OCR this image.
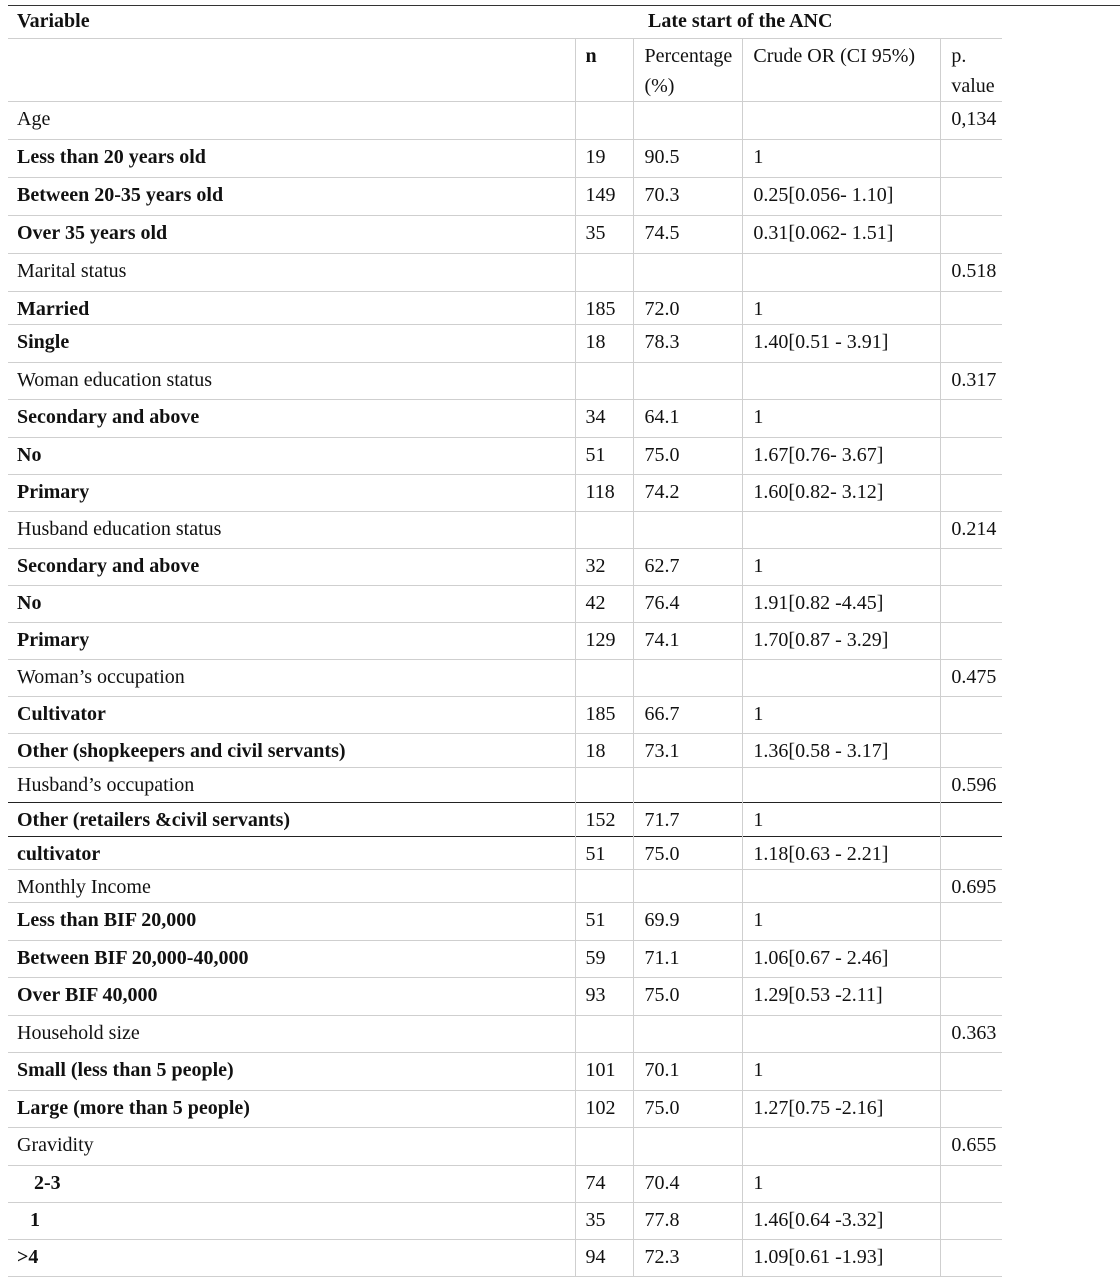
Variable	Late start of the ANC
	n	Percentage (%)	Crude OR (CI 95%)	p. value
Age				0,134
Less than 20 years old	19	90.5	1	
Between 20-35 years old	149	70.3	0.25[0.056- 1.10]	
Over 35 years old	35	74.5	0.31[0.062- 1.51]	
Marital status				0.518
Married	185	72.0	1	
Single	18	78.3	1.40[0.51 - 3.91]	
Woman education status				0.317
Secondary and above	34	64.1	1	
No	51	75.0	1.67[0.76- 3.67]	
Primary	118	74.2	1.60[0.82- 3.12]	
Husband education status				0.214
Secondary and above	32	62.7	1	
No	42	76.4	1.91[0.82 -4.45]	
Primary	129	74.1	1.70[0.87 - 3.29]	
Woman’s occupation				0.475
Cultivator	185	66.7	1	
Other (shopkeepers and civil servants)	18	73.1	1.36[0.58 - 3.17]	
Husband’s occupation				0.596
Other (retailers &civil servants)	152	71.7	1	
cultivator	51	75.0	1.18[0.63 - 2.21]	
Monthly Income				0.695
Less than BIF 20,000	51	69.9	1	
Between BIF 20,000-40,000	59	71.1	1.06[0.67 - 2.46]	
Over BIF 40,000	93	75.0	1.29[0.53 -2.11]	
Household size				0.363
Small (less than 5 people)	101	70.1	1	
Large (more than 5 people)	102	75.0	1.27[0.75 -2.16]	
Gravidity				0.655
2-3	74	70.4	1	
1	35	77.8	1.46[0.64 -3.32]	
>4	94	72.3	1.09[0.61 -1.93]	
